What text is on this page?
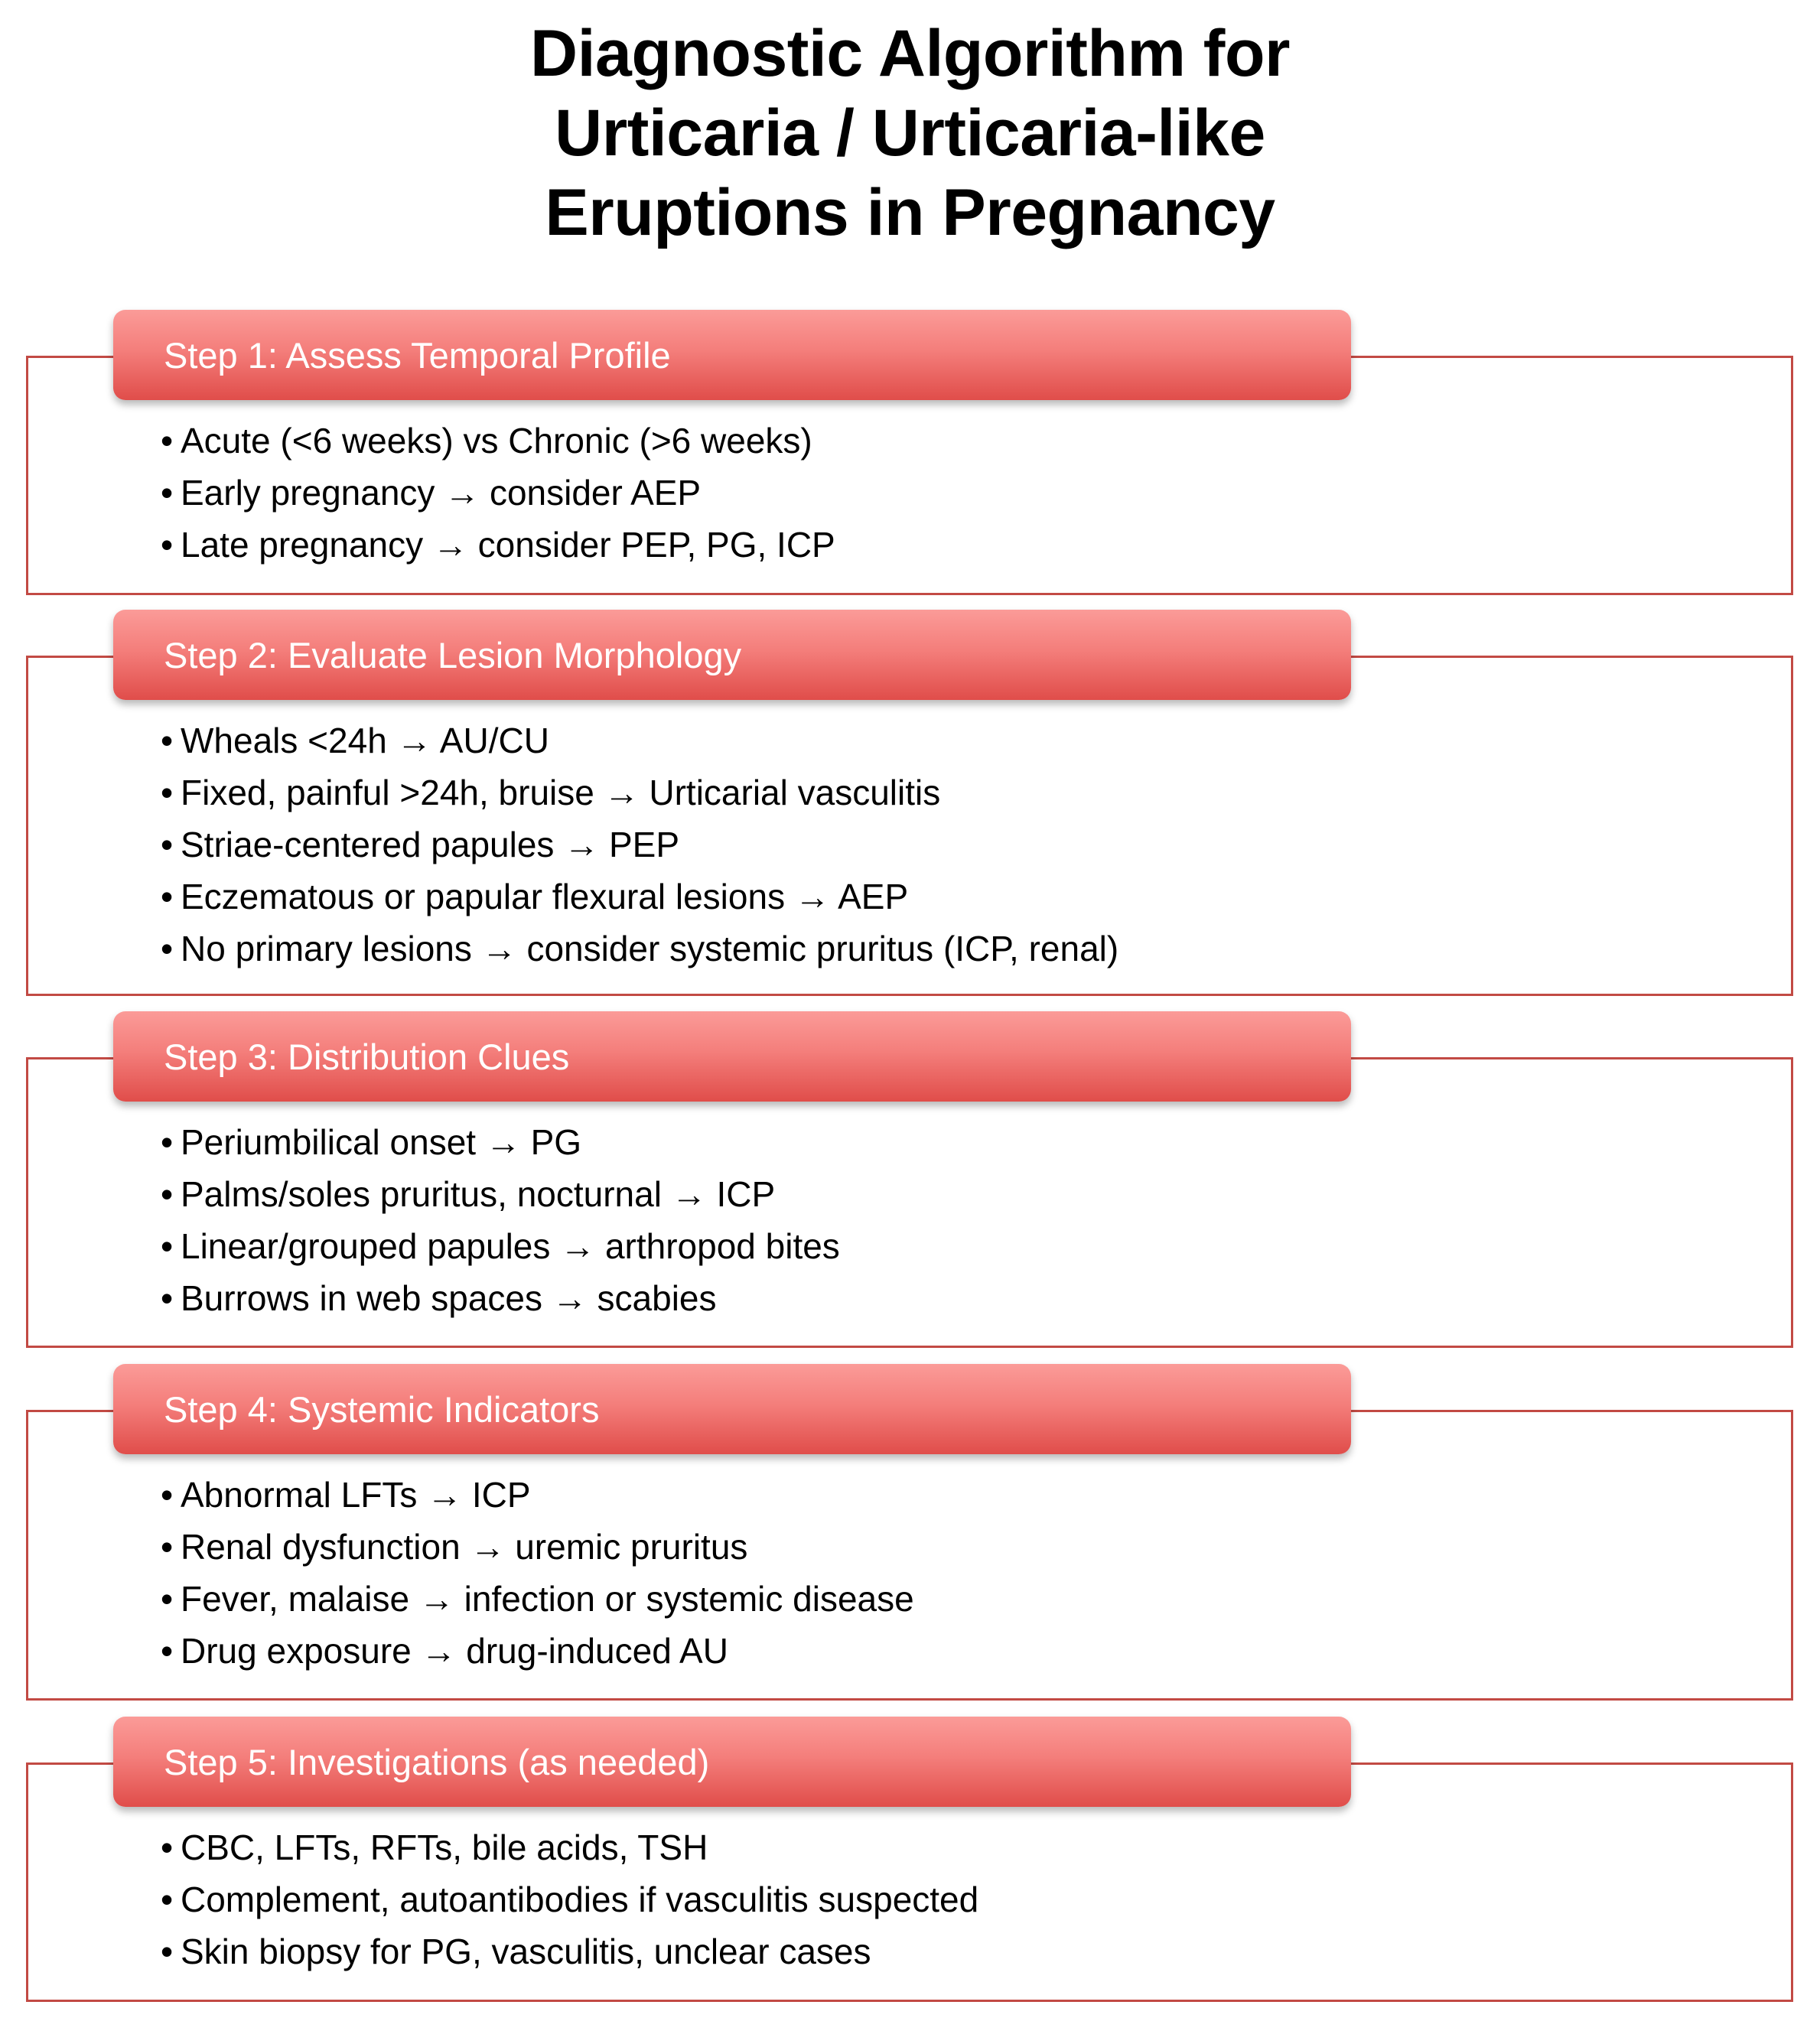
Diagnostic Algorithm for
Urticaria / Urticaria-like
Eruptions in Pregnancy
Step 1: Assess Temporal Profile
• Acute (<6 weeks) vs Chronic (>6 weeks)
• Early pregnancy → consider AEP
• Late pregnancy → consider PEP, PG, ICP
Step 2: Evaluate Lesion Morphology
• Wheals <24h → AU/CU
• Fixed, painful >24h, bruise → Urticarial vasculitis
• Striae-centered papules → PEP
• Eczematous or papular flexural lesions → AEP
• No primary lesions → consider systemic pruritus (ICP, renal)
Step 3: Distribution Clues
• Periumbilical onset → PG
• Palms/soles pruritus, nocturnal → ICP
• Linear/grouped papules → arthropod bites
• Burrows in web spaces → scabies
Step 4: Systemic Indicators
• Abnormal LFTs → ICP
• Renal dysfunction → uremic pruritus
• Fever, malaise → infection or systemic disease
• Drug exposure → drug-induced AU
Step 5: Investigations (as needed)
• CBC, LFTs, RFTs, bile acids, TSH
• Complement, autoantibodies if vasculitis suspected
• Skin biopsy for PG, vasculitis, unclear cases
